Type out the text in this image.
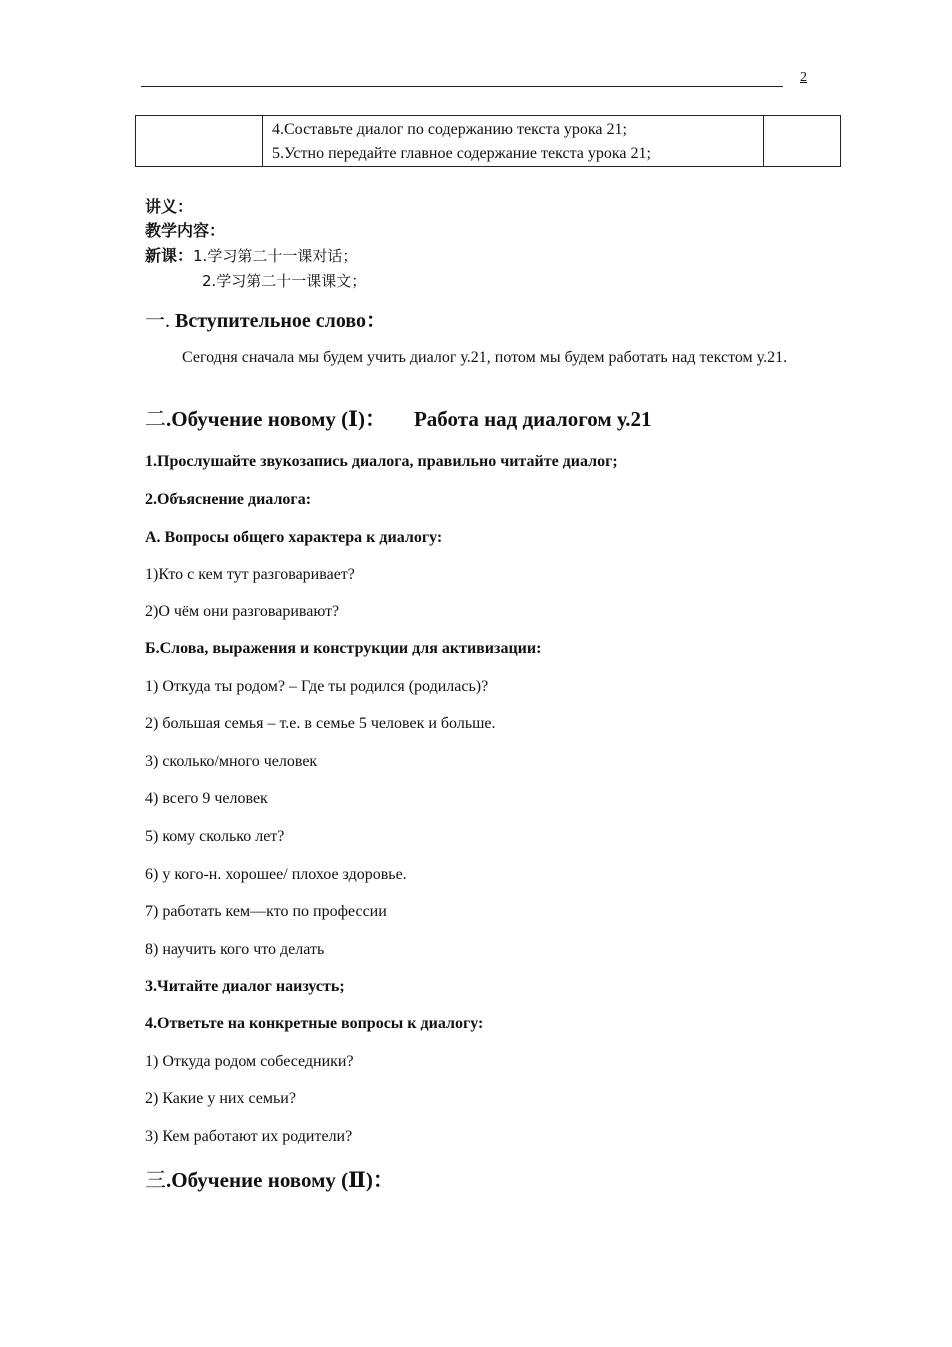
2

4.Составьте диалог по содержанию текста урока 21;
5.Устно передайте главное содержание текста урока 21;

讲义：
教学内容：
新课：1.学习第二十一课对话；
2.学习第二十一课课文；
一. Вступительное слово：
Сегодня сначала мы будем учить диалог у.21, потом мы будем работать над текстом у.21.
二.Обучение новому (Ⅰ)： Работа над диалогом у.21
1.Прослушайте звукозапись диалога, правильно читайте диалог;
2.Объяснение диалога:
А. Вопросы общего характера к диалогу:
1)Кто с кем тут разговаривает?
2)О чём они разговаривают?
Б.Слова, выражения и конструкции для активизации:
1) Откуда ты родом? – Где ты родился (родилась)?
2) большая семья – т.е. в семье 5 человек и больше.
3) сколько/много человек
4) всего 9 человек
5) кому сколько лет?
6) у кого-н. хорошее/ плохое здоровье.
7) работать кем—кто по профессии
8) научить кого что делать
3.Читайте диалог наизусть;
4.Ответьте на конкретные вопросы к диалогу:
1) Откуда родом собеседники?
2) Какие у них семьи?
3) Кем работают их родители?
三.Обучение новому (Ⅱ)：
